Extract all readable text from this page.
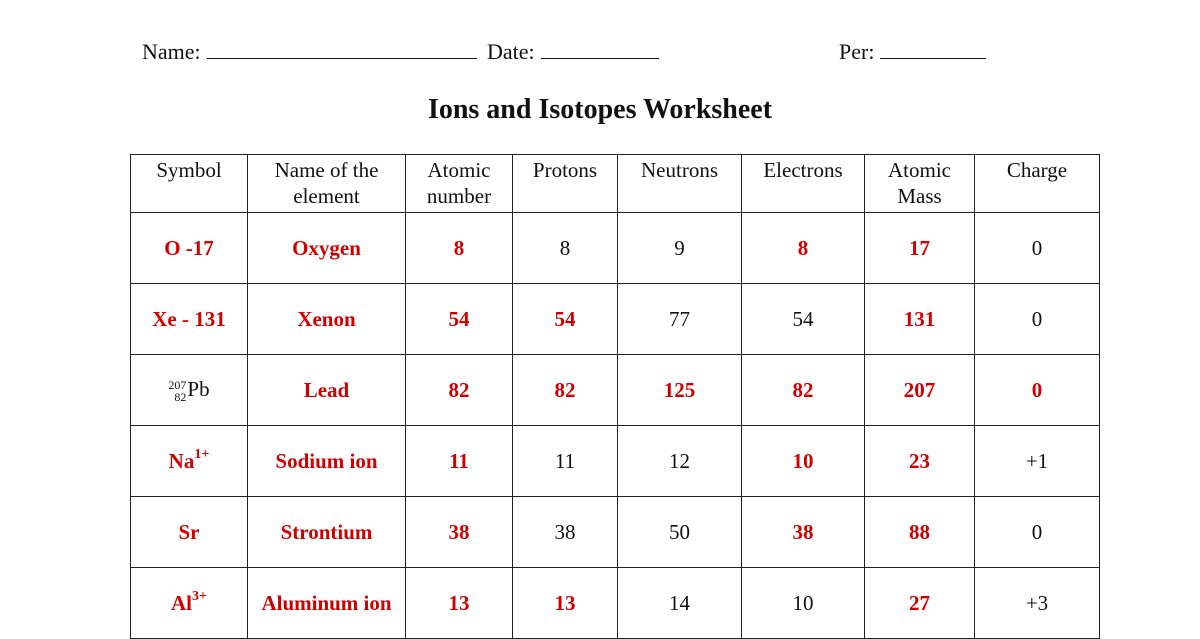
Name:	Date:	Per:
Ions and Isotopes Worksheet
Symbol	Name of the element	Atomic number	Protons	Neutrons	Electrons	Atomic Mass	Charge
O -17	Oxygen	8	8	9	8	17	0
Xe - 131	Xenon	54	54	77	54	131	0

207
82 Pb	Lead	82	82	125	82	207	0
$Na^{1+}$	Sodium ion	11	11	12	10	23	+1
Sr	Strontium	38	38	50	38	88	0
$Al^{3+}$	Aluminum ion	13	13	14	10	27	+3
